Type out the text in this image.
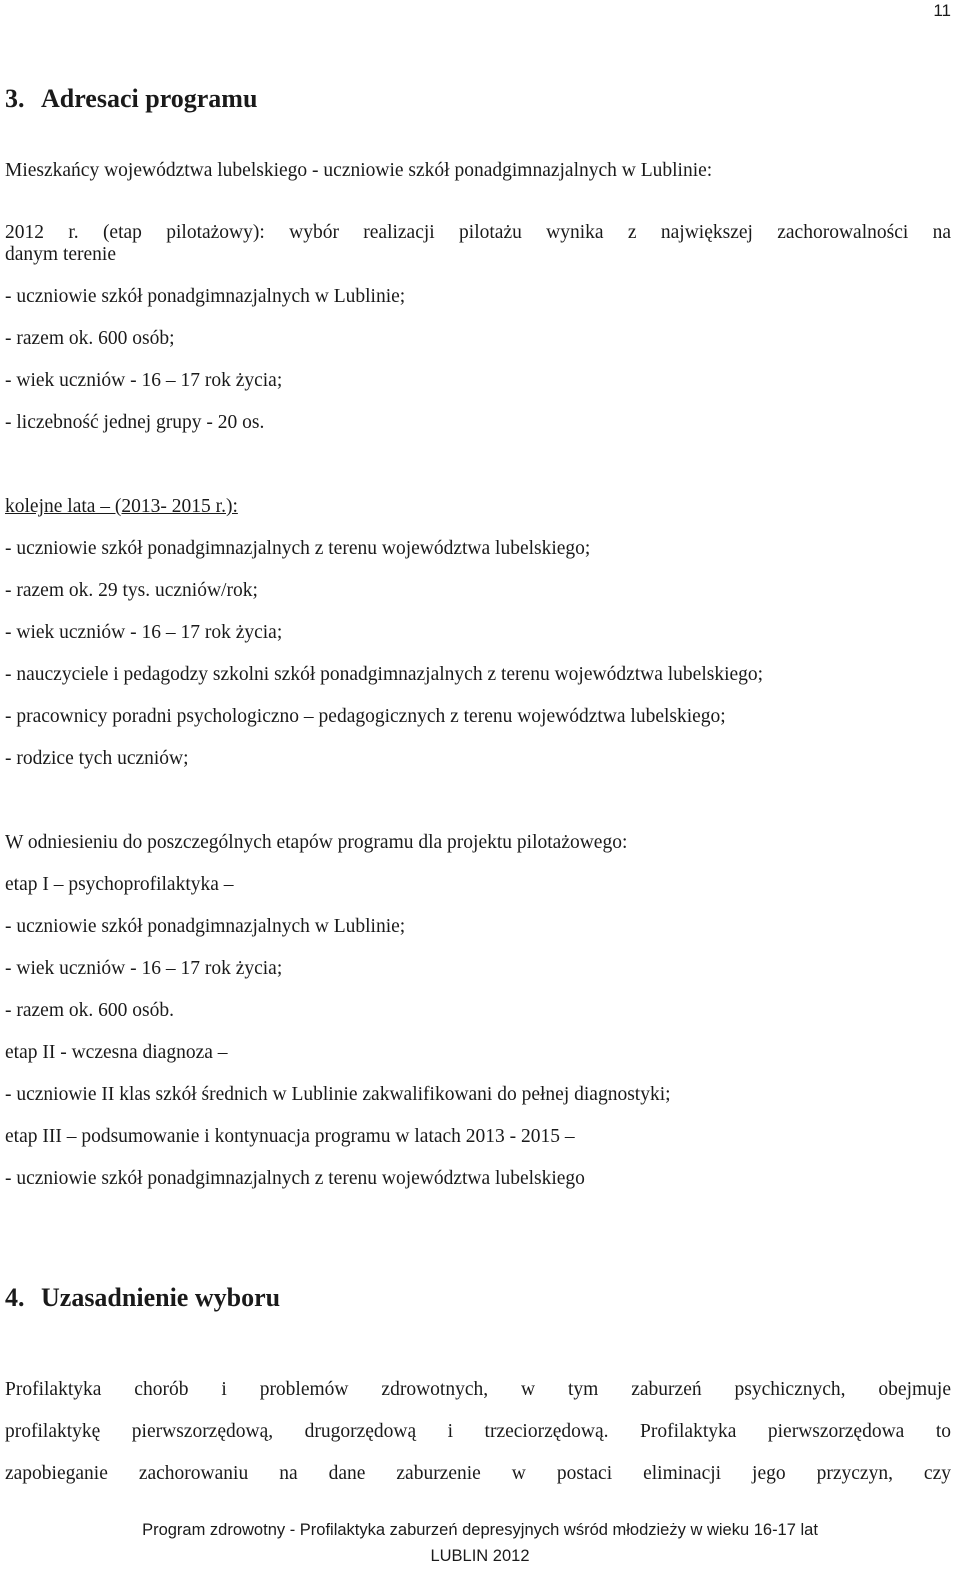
11
3. Adresaci programu

Mieszkańcy województwa lubelskiego - uczniowie szkół ponadgimnazjalnych w Lublinie:

2012 r. (etap pilotażowy): wybór realizacji pilotażu wynika z największej zachorowalności na

danym terenie

- uczniowie szkół ponadgimnazjalnych w Lublinie;

- razem ok. 600 osób;

- wiek uczniów - 16 – 17 rok życia;

- liczebność jednej grupy - 20 os.

kolejne lata – (2013- 2015 r.):

- uczniowie szkół ponadgimnazjalnych z terenu województwa lubelskiego;

- razem ok. 29 tys. uczniów/rok;

- wiek uczniów - 16 – 17 rok życia;

- nauczyciele i pedagodzy szkolni szkół ponadgimnazjalnych z terenu województwa lubelskiego;

- pracownicy poradni psychologiczno – pedagogicznych z terenu województwa lubelskiego;

- rodzice tych uczniów;

W odniesieniu do poszczególnych etapów programu dla projektu pilotażowego:

etap I – psychoprofilaktyka –

- uczniowie szkół ponadgimnazjalnych w Lublinie;

- wiek uczniów - 16 – 17 rok życia;

- razem ok. 600 osób.

etap II - wczesna diagnoza –

- uczniowie II klas szkół średnich w Lublinie zakwalifikowani do pełnej diagnostyki;

etap III – podsumowanie i kontynuacja programu w latach 2013 - 2015 –

- uczniowie szkół ponadgimnazjalnych z terenu województwa lubelskiego

4. Uzasadnienie wyboru

Profilaktyka chorób i problemów zdrowotnych, w tym zaburzeń psychicznych, obejmuje

profilaktykę pierwszorzędową, drugorzędową i trzeciorzędową. Profilaktyka pierwszorzędowa to

zapobieganie zachorowaniu na dane zaburzenie w postaci eliminacji jego przyczyn, czy

Program zdrowotny - Profilaktyka zaburzeń depresyjnych wśród młodzieży w wieku 16-17 lat
LUBLIN 2012
